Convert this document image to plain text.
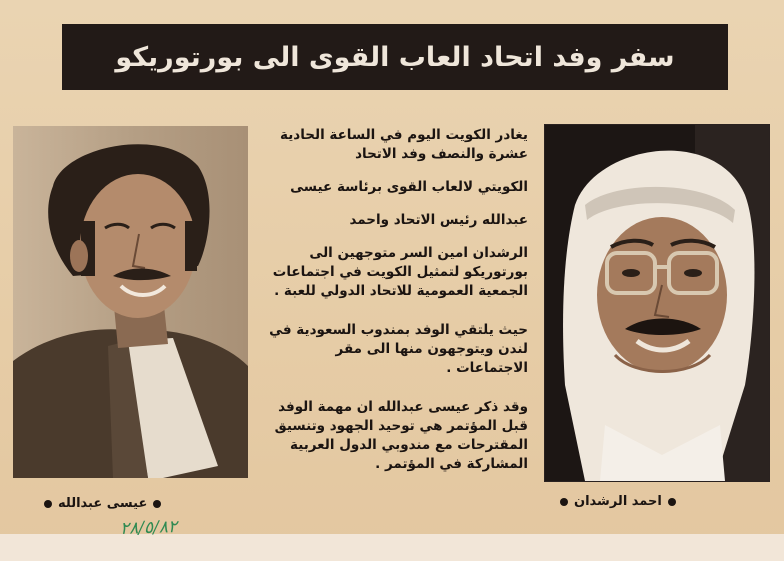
سفر وفد اتحاد العاب القوى الى بورتوريكو

يغادر الكويت اليوم في الساعة الحادية عشرة والنصف وفد الاتحاد

الكويتي لالعاب القوى برئاسة عيسى

عبدالله رئيس الاتحاد واحمد

الرشدان امين السر متوجهين الى بورتوريكو لتمثيل الكويت في اجتماعات الجمعية العمومية للاتحاد الدولي للعبة .

حيث يلتقي الوفد بمندوب السعودية في لندن ويتوجهون منها الى مقر الاجتماعات .

وقد ذكر عيسى عبدالله ان مهمة الوفد قبل المؤتمر هي توحيد الجهود وتنسيق المقترحات مع مندوبي الدول العربية المشاركة في المؤتمر .

عيسى عبدالله	احمد الرشدان
٢٨/٥/٨٢
